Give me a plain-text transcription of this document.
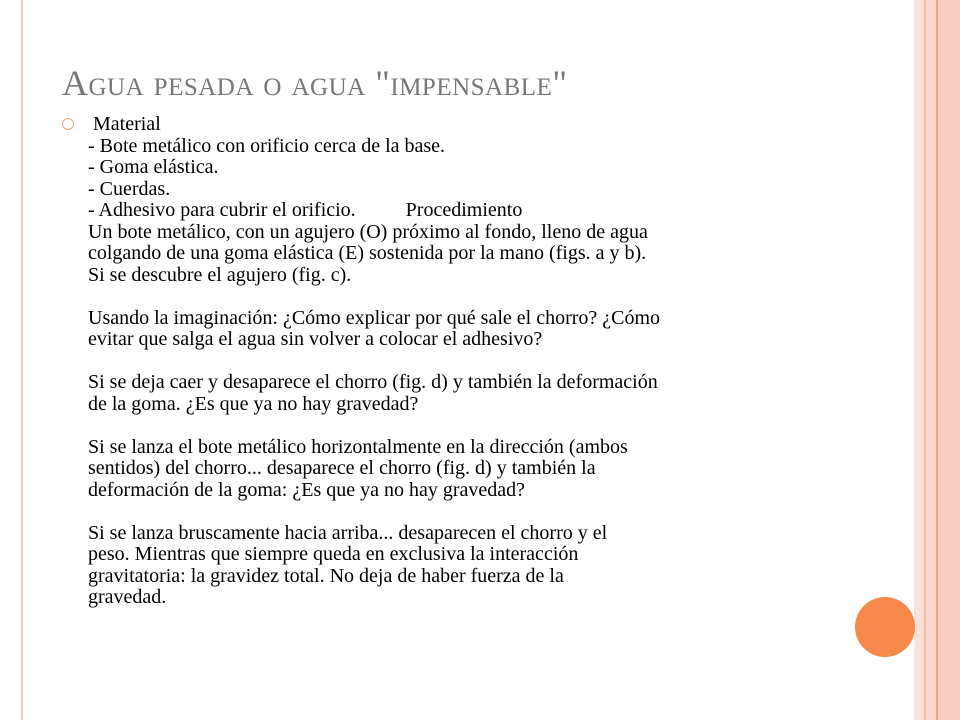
Agua pesada o agua "impensable"
Material
- Bote metálico con orificio cerca de la base.
- Goma elástica.
- Cuerdas.
- Adhesivo para cubrir el orificio.          Procedimiento
Un bote metálico, con un agujero (O) próximo al fondo, lleno de agua
colgando de una goma elástica (E) sostenida por la mano (figs. a y b).
Si se descubre el agujero (fig. c).
Usando la imaginación: ¿Cómo explicar por qué sale el chorro? ¿Cómo
evitar que salga el agua sin volver a colocar el adhesivo?
Si se deja caer y desaparece el chorro (fig. d) y también la deformación
de la goma. ¿Es que ya no hay gravedad?
Si se lanza el bote metálico horizontalmente en la dirección (ambos
sentidos) del chorro... desaparece el chorro (fig. d) y también la
deformación de la goma: ¿Es que ya no hay gravedad?
Si se lanza bruscamente hacia arriba... desaparecen el chorro y el
peso. Mientras que siempre queda en exclusiva la interacción
gravitatoria: la gravidez total. No deja de haber fuerza de la
gravedad.
